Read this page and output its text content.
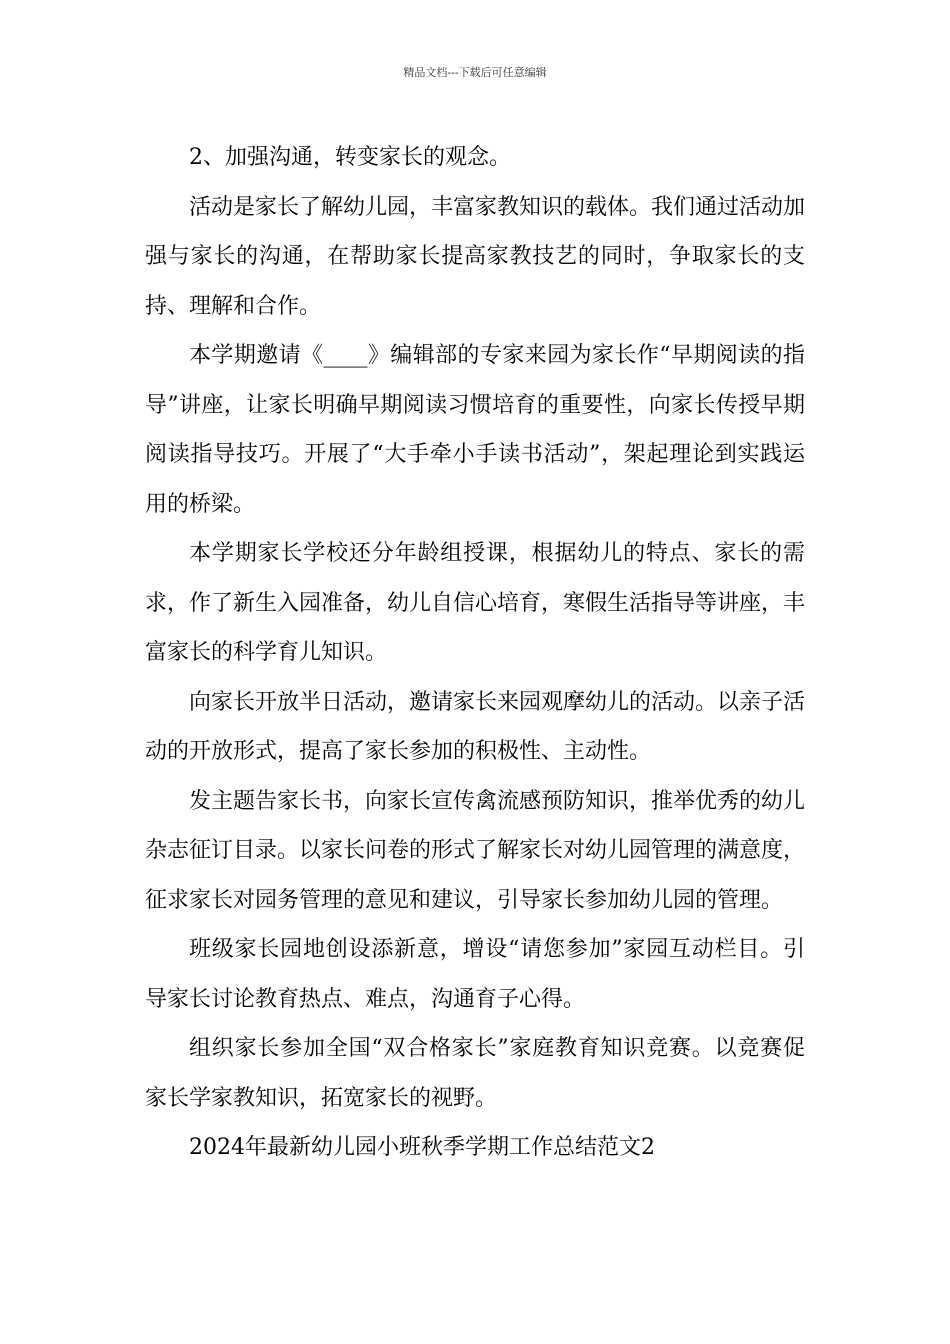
精品文档---下载后可任意编辑

2、加强沟通，转变家长的观念。

活动是家长了解幼儿园，丰富家教知识的载体。我们通过活动加强与家长的沟通，在帮助家长提高家教技艺的同时，争取家长的支持、理解和合作。

本学期邀请《____》编辑部的专家来园为家长作“早期阅读的指导”讲座，让家长明确早期阅读习惯培育的重要性，向家长传授早期阅读指导技巧。开展了“大手牵小手读书活动”，架起理论到实践运用的桥梁。

本学期家长学校还分年龄组授课，根据幼儿的特点、家长的需求，作了新生入园准备，幼儿自信心培育，寒假生活指导等讲座，丰富家长的科学育儿知识。

向家长开放半日活动，邀请家长来园观摩幼儿的活动。以亲子活动的开放形式，提高了家长参加的积极性、主动性。

发主题告家长书，向家长宣传禽流感预防知识，推举优秀的幼儿杂志征订目录。以家长问卷的形式了解家长对幼儿园管理的满意度，征求家长对园务管理的意见和建议，引导家长参加幼儿园的管理。

班级家长园地创设添新意，增设“请您参加”家园互动栏目。引导家长讨论教育热点、难点，沟通育子心得。

组织家长参加全国“双合格家长”家庭教育知识竞赛。以竞赛促家长学家教知识，拓宽家长的视野。

2024年最新幼儿园小班秋季学期工作总结范文2
